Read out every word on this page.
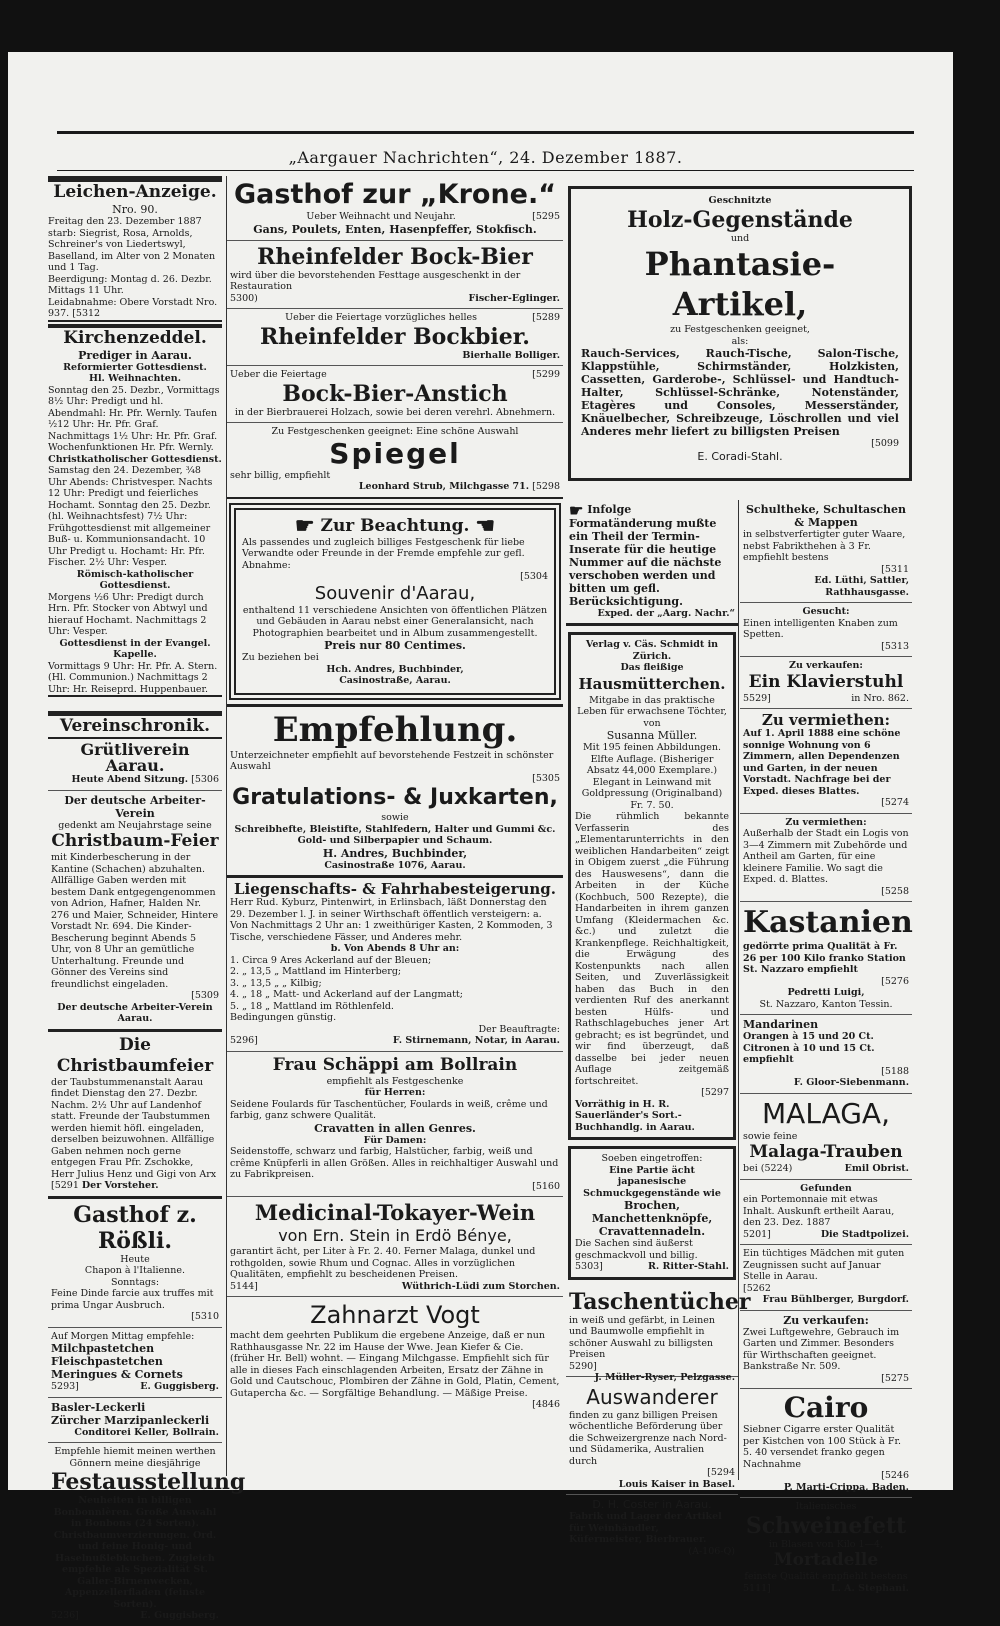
„Aargauer Nachrichten“, 24. Dezember 1887.
Leichen-Anzeige.
Nro. 90.
Freitag den 23. Dezember 1887 starb: Siegrist, Rosa, Arnolds, Schreiner's von Liedertswyl, Baselland, im Alter von 2 Monaten und 1 Tag.
Beerdigung: Montag d. 26. Dezbr. Mittags 11 Uhr.
Leidabnahme: Obere Vorstadt Nro. 937. [5312
Kirchenzeddel.
Prediger in Aarau.
Reformierter Gottesdienst.
Hl. Weihnachten.
Sonntag den 25. Dezbr., Vormittags 8½ Uhr: Predigt und hl. Abendmahl: Hr. Pfr. Wernly. Taufen ½12 Uhr: Hr. Pfr. Graf. Nachmittags 1½ Uhr: Hr. Pfr. Graf. Wochenfunktionen Hr. Pfr. Wernly.
Christkatholischer Gottesdienst.
Samstag den 24. Dezember, ¾8 Uhr Abends: Christvesper. Nachts 12 Uhr: Predigt und feierliches Hochamt. Sonntag den 25. Dezbr. (hl. Weihnachtsfest) 7½ Uhr: Frühgottesdienst mit allgemeiner Buß- u. Kommunionsandacht. 10 Uhr Predigt u. Hochamt: Hr. Pfr. Fischer. 2½ Uhr: Vesper.
Römisch-katholischer Gottesdienst.
Morgens ½6 Uhr: Predigt durch Hrn. Pfr. Stocker von Abtwyl und hierauf Hochamt. Nachmittags 2 Uhr: Vesper.
Gottesdienst in der Evangel. Kapelle.
Vormittags 9 Uhr: Hr. Pfr. A. Stern. (Hl. Communion.) Nachmittags 2 Uhr: Hr. Reiseprd. Huppenbauer.
Vereinschronik.
Grütliverein Aarau.
Heute Abend Sitzung. [5306
Der deutsche Arbeiter-Verein
gedenkt am Neujahrstage seine
Christbaum-Feier
mit Kinderbescherung in der Kantine (Schachen) abzuhalten. Allfällige Gaben werden mit bestem Dank entgegengenommen von Adrion, Hafner, Halden Nr. 276 und Maier, Schneider, Hintere Vorstadt Nr. 694. Die Kinder-Bescherung beginnt Abends 5 Uhr, von 8 Uhr an gemütliche Unterhaltung. Freunde und Gönner des Vereins sind freundlichst eingeladen.
[5309
Der deutsche Arbeiter-Verein Aarau.
Die Christbaumfeier
der Taubstummenanstalt Aarau findet Dienstag den 27. Dezbr. Nachm. 2½ Uhr auf Landenhof statt. Freunde der Taubstummen werden hiemit höfl. eingeladen, derselben beizuwohnen. Allfällige Gaben nehmen noch gerne entgegen Frau Pfr. Zschokke, Herr Julius Henz und Gigi von Arx
[5291 Der Vorsteher.
Gasthof z. Rößli.
Heute
Chapon à l'Italienne.
Sonntags:
Feine Dinde farcie aux truffes mit prima Ungar Ausbruch.
[5310
Auf Morgen Mittag empfehle:
Milchpastetchen
Fleischpastetchen
Meringues & Cornets
5293]	E. Guggisberg.
Basler-Leckerli
Zürcher Marzipanleckerli
Conditorei Keller, Bollrain.
Empfehle hiemit meinen werthen Gönnern meine diesjährige
Festausstellung
Neuheiten in billigen Bonbonnièren. Große Auswahl in Bonbons (24 Sorten). Christbaumverzierungen. Ord. und feine Honig- und Haselnußlebkuchen. Zugleich empfehle als Spezialität St. Galler-Birnenwecken, Appenzellerfladen (feinste Sorten).
5236]	E. Guggisberg.
Gasthof zur „Krone.“
Ueber Weihnacht und Neujahr.	[5295
Gans, Poulets, Enten, Hasenpfeffer, Stokfisch.
Rheinfelder Bock-Bier
wird über die bevorstehenden Festtage ausgeschenkt in der Restauration
5300)	Fischer-Eglinger.
Ueber die Feiertage vorzügliches helles	[5289
Rheinfelder Bockbier.
Bierhalle Bolliger.
Ueber die Feiertage	[5299
Bock-Bier-Anstich
in der Bierbrauerei Holzach, sowie bei deren verehrl. Abnehmern.
Zu Festgeschenken geeignet: Eine schöne Auswahl
Spiegel
sehr billig, empfiehlt
Leonhard Strub, Milchgasse 71. [5298
☛ Zur Beachtung. ☚
Als passendes und zugleich billiges Festgeschenk für liebe Verwandte oder Freunde in der Fremde empfehle zur gefl. Abnahme:
[5304
Souvenir d'Aarau,
enthaltend 11 verschiedene Ansichten von öffentlichen Plätzen und Gebäuden in Aarau nebst einer Generalansicht, nach Photographien bearbeitet und in Album zusammengestellt.
Preis nur 80 Centimes.
Zu beziehen bei
Hch. Andres, Buchbinder,
Casinostraße, Aarau.
Empfehlung.
Unterzeichneter empfiehlt auf bevorstehende Festzeit in schönster Auswahl
[5305
Gratulations- & Juxkarten,
sowie
Schreibhefte, Bleistifte, Stahlfedern, Halter und Gummi &c. Gold- und Silberpapier und Schaum.
H. Andres, Buchbinder,
Casinostraße 1076, Aarau.
Liegenschafts- & Fahrhabesteigerung.
Herr Rud. Kyburz, Pintenwirt, in Erlinsbach, läßt Donnerstag den 29. Dezember l. J. in seiner Wirthschaft öffentlich versteigern: a. Von Nachmittags 2 Uhr an: 1 zweithüriger Kasten, 2 Kommoden, 3 Tische, verschiedene Fässer, und Anderes mehr.
b. Von Abends 8 Uhr an:
1. Circa 9 Ares Ackerland auf der Bleuen;
2. „ 13,5 „ Mattland im Hinterberg;
3. „ 13,5 „ „ Kilbig;
4. „ 18 „ Matt- und Ackerland auf der Langmatt;
5. „ 18 „ Mattland im Röthlenfeld.
Bedingungen günstig.
Der Beauftragte:
5296]	F. Stirnemann, Notar, in Aarau.
Frau Schäppi am Bollrain
empfiehlt als Festgeschenke
für Herren:
Seidene Foulards für Taschentücher, Foulards in weiß, crême und farbig, ganz schwere Qualität.
Cravatten in allen Genres.
Für Damen:
Seidenstoffe, schwarz und farbig, Halstücher, farbig, weiß und crême Knüpferli in allen Größen. Alles in reichhaltiger Auswahl und zu Fabrikpreisen.
[5160
Medicinal-Tokayer-Wein
von Ern. Stein in Erdö Bénye,
garantirt ächt, per Liter à Fr. 2. 40. Ferner Malaga, dunkel und rothgolden, sowie Rhum und Cognac. Alles in vorzüglichen Qualitäten, empfiehlt zu bescheidenen Preisen.
5144]	Wüthrich-Lüdi zum Storchen.
Zahnarzt Vogt
macht dem geehrten Publikum die ergebene Anzeige, daß er nun Rathhausgasse Nr. 22 im Hause der Wwe. Jean Kiefer & Cie. (früher Hr. Bell) wohnt. — Eingang Milchgasse. Empfiehlt sich für alle in dieses Fach einschlagenden Arbeiten, Ersatz der Zähne in Gold und Cautschouc, Plombiren der Zähne in Gold, Platin, Cement, Gutapercha &c. — Sorgfältige Behandlung. — Mäßige Preise.
[4846
Geschnitzte
Holz-Gegenstände
und
Phantasie-Artikel,
zu Festgeschenken geeignet,
als:
Rauch-Services, Rauch-Tische, Salon-Tische, Klappstühle, Schirmständer, Holzkisten, Cassetten, Garderobe-, Schlüssel- und Handtuch-Halter, Schlüssel-Schränke, Notenständer, Etagères und Consoles, Messerständer, Knäuelbecher, Schreibzeuge, Löschrollen und viel Anderes mehr liefert zu billigsten Preisen
[5099
E. Coradi-Stahl.
☛ Infolge Formatänderung mußte ein Theil der Termin-Inserate für die heutige Nummer auf die nächste verschoben werden und bitten um gefl. Berücksichtigung.
Exped. der „Aarg. Nachr.“
Verlag v. Cäs. Schmidt in Zürich.
Das fleißige
Hausmütterchen.
Mitgabe in das praktische Leben für erwachsene Töchter, von
Susanna Müller.
Mit 195 feinen Abbildungen. Elfte Auflage. (Bisheriger Absatz 44,000 Exemplare.) Elegant in Leinwand mit Goldpressung (Originalband) Fr. 7. 50.
Die rühmlich bekannte Verfasserin des „Elementarunterrichts in den weiblichen Handarbeiten“ zeigt in Obigem zuerst „die Führung des Hauswesens“, dann die Arbeiten in der Küche (Kochbuch, 500 Rezepte), die Handarbeiten in ihrem ganzen Umfang (Kleidermachen &c. &c.) und zuletzt die Krankenpflege. Reichhaltigkeit, die Erwägung des Kostenpunkts nach allen Seiten, und Zuverlässigkeit haben das Buch in den verdienten Ruf des anerkannt besten Hülfs- und Rathschlagebuches jener Art gebracht; es ist begründet, und wir find überzeugt, daß dasselbe bei jeder neuen Auflage zeitgemäß fortschreitet.
[5297
Vorräthig in H. R. Sauerländer's Sort.-Buchhandlg. in Aarau.
Soeben eingetroffen:
Eine Partie ächt japanesische Schmuckgegenstände wie
Brochen, Manchettenknöpfe, Cravattennadeln.
Die Sachen sind äußerst geschmackvoll und billig.
5303]	R. Ritter-Stahl.
Taschentücher
in weiß und gefärbt, in Leinen und Baumwolle empfiehlt in schöner Auswahl zu billigsten Preisen
5290]
J. Müller-Ryser, Pelzgasse.
Auswanderer
finden zu ganz billigen Preisen wöchentliche Beförderung über die Schweizergrenze nach Nord- und Südamerika, Australien durch
[5294
Louis Kaiser in Basel.
D. H. Coster in Aarau.
Fabrik und Lager der Artikel für Weinhändler, Küfermeister, Bierbrauer.
(A-106-Q)
Schultheke, Schultaschen & Mappen
in selbstverfertigter guter Waare, nebst Fabrikthehen à 3 Fr. empfiehlt bestens
[5311
Ed. Lüthi, Sattler, Rathhausgasse.
Gesucht:
Einen intelligenten Knaben zum Spetten.
[5313
Zu verkaufen:
Ein Klavierstuhl
5529]	in Nro. 862.
Zu vermiethen:
Auf 1. April 1888 eine schöne sonnige Wohnung von 6 Zimmern, allen Dependenzen und Garten, in der neuen Vorstadt. Nachfrage bei der Exped. dieses Blattes.
[5274
Zu vermiethen:
Außerhalb der Stadt ein Logis von 3—4 Zimmern mit Zubehörde und Antheil am Garten, für eine kleinere Familie. Wo sagt die Exped. d. Blattes.
[5258
Kastanien
gedörrte prima Qualität à Fr. 26 per 100 Kilo franko Station St. Nazzaro empfiehlt
[5276
Pedretti Luigi,
St. Nazzaro, Kanton Tessin.
Mandarinen
Orangen à 15 und 20 Ct.
Citronen à 10 und 15 Ct. empfiehlt
[5188
F. Gloor-Siebenmann.
MALAGA,
sowie feine
Malaga-Trauben
bei (5224)	Emil Obrist.
Gefunden
ein Portemonnaie mit etwas Inhalt. Auskunft ertheilt Aarau, den 23. Dez. 1887
5201]	Die Stadtpolizei.
Ein tüchtiges Mädchen mit guten Zeugnissen sucht auf Januar Stelle in Aarau.
[5262
Frau Bühlberger, Burgdorf.
Zu verkaufen:
Zwei Luftgewehre, Gebrauch im Garten und Zimmer. Besonders für Wirthschaften geeignet. Bankstraße Nr. 509.
[5275
Cairo
Siebner Cigarre erster Qualität per Kistchen von 100 Stück à Fr. 5. 40 versendet franko gegen Nachnahme
[5246
P. Marti-Crippa, Baden.
Italienisches
Schweinefett
in Blasen von Kilo 1—4,
Mortadelle
feinste Qualität empfiehlt bestens
5111]	L. A. Stephani.
